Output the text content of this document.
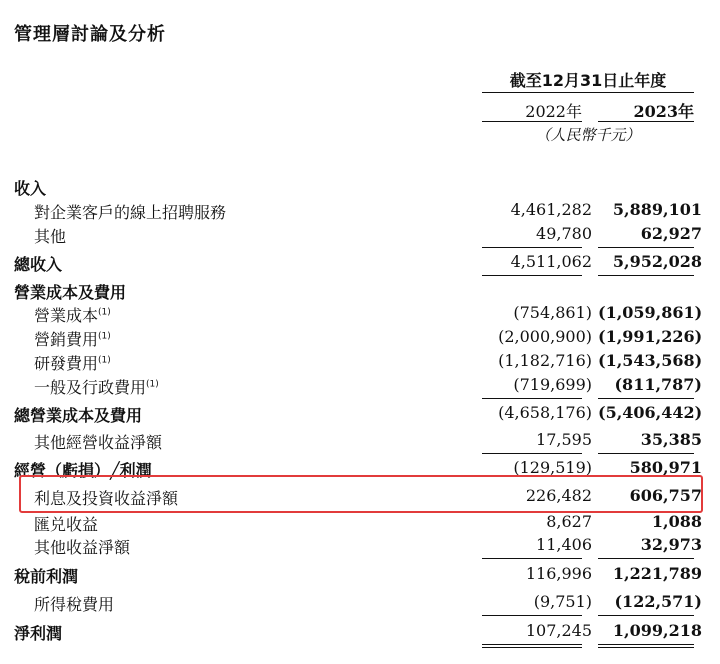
管理層討論及分析
截至12月31日止年度
2022年	2023年
（人民幣千元）
收入
對企業客戶的線上招聘服務	4,461,282	5,889,101
其他	49,780	62,927
總收入	4,511,062	5,952,028
營業成本及費用
營業成本$^{(1)}$	(754,861) (1,059,861)
營銷費用$^{(1)}$	(2,000,900) (1,991,226)
研發費用$^{(1)}$	(1,182,716) (1,543,568)
一般及行政費用$^{(1)}$	(719,699)	(811,787)
總營業成本及費用	(4,658,176) (5,406,442)
其他經營收益淨額	17,595	35,385
經營（虧損）╱利潤	(129,519)	580,971
利息及投資收益淨額	226,482	606,757
匯兑收益	8,627	1,088
其他收益淨額	11,406	32,973
稅前利潤	116,996	1,221,789
所得稅費用	(9,751)	(122,571)
淨利潤	107,245	1,099,218
